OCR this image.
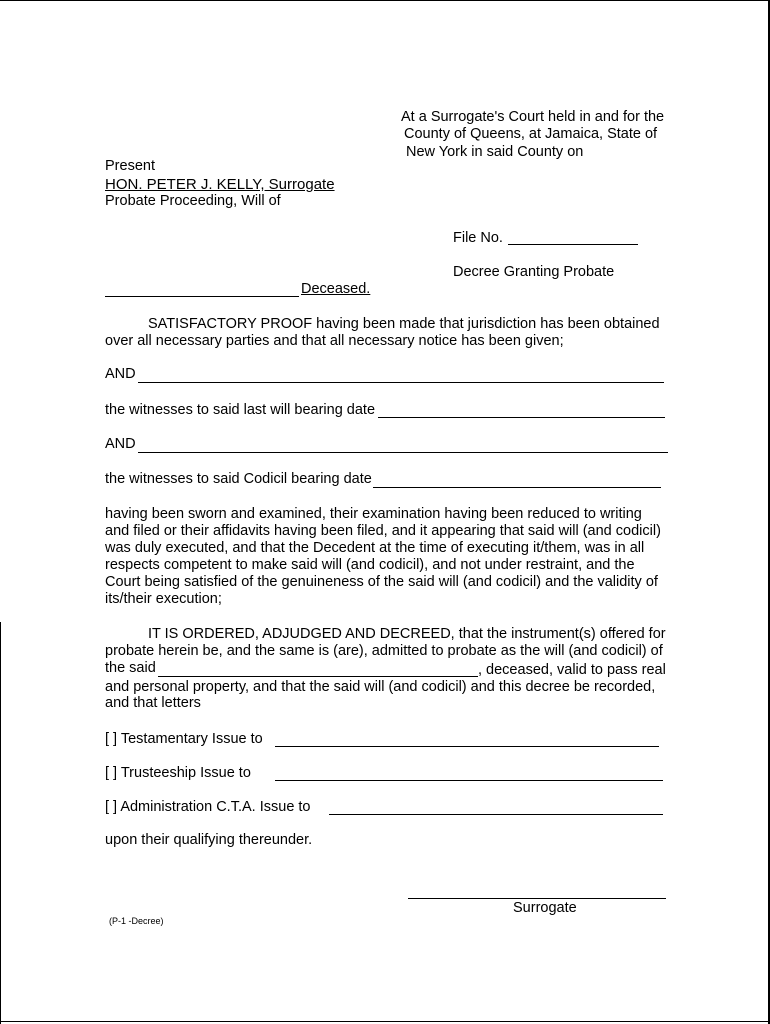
At a Surrogate's Court held in and for the
County of Queens, at Jamaica, State of
New York in said County on
Present
HON. PETER J. KELLY, Surrogate
Probate Proceeding, Will of
File No.
Decree Granting Probate
Deceased.
SATISFACTORY PROOF having been made that jurisdiction has been obtained
over all necessary parties and that all necessary notice has been given;
AND
the witnesses to said last will bearing date
AND
the witnesses to said Codicil bearing date
having been sworn and examined, their examination having been reduced to writing
and filed or their affidavits having been filed, and it appearing that said will (and codicil)
was duly executed, and that the Decedent at the time of executing it/them, was in all
respects competent to make said will (and codicil), and not under restraint, and the
Court being satisfied of the genuineness of the said will (and codicil) and the validity of
its/their execution;
IT IS ORDERED, ADJUDGED AND DECREED, that the instrument(s) offered for
probate herein be, and the same is (are), admitted to probate as the will (and codicil) of
the said	, deceased, valid to pass real
and personal property, and that the said will (and codicil) and this decree be recorded,
and that letters
[ ] Testamentary Issue to
[ ] Trusteeship Issue to
[ ] Administration C.T.A. Issue to
upon their qualifying thereunder.
Surrogate
(P-1 -Decree)
